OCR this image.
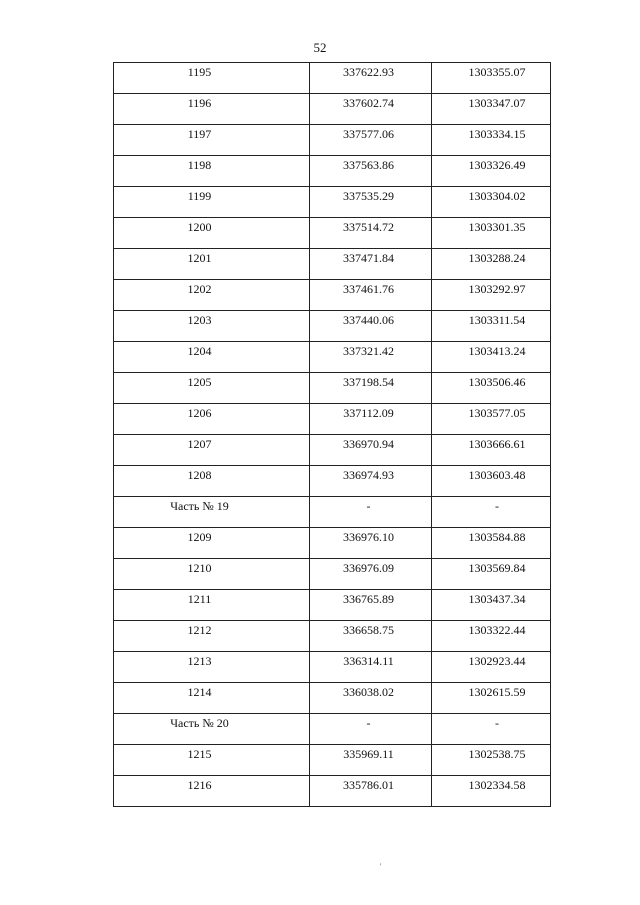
52
1195	337622.93	1303355.07

1196	337602.74	1303347.07

1197	337577.06	1303334.15

1198	337563.86	1303326.49

1199	337535.29	1303304.02

1200	337514.72	1303301.35

1201	337471.84	1303288.24

1202	337461.76	1303292.97

1203	337440.06	1303311.54

1204	337321.42	1303413.24

1205	337198.54	1303506.46

1206	337112.09	1303577.05

1207	336970.94	1303666.61

1208	336974.93	1303603.48

Часть № 19	-	-

1209	336976.10	1303584.88

1210	336976.09	1303569.84

1211	336765.89	1303437.34

1212	336658.75	1303322.44

1213	336314.11	1302923.44

1214	336038.02	1302615.59

Часть № 20	-	-

1215	335969.11	1302538.75

1216	335786.01	1302334.58
'
